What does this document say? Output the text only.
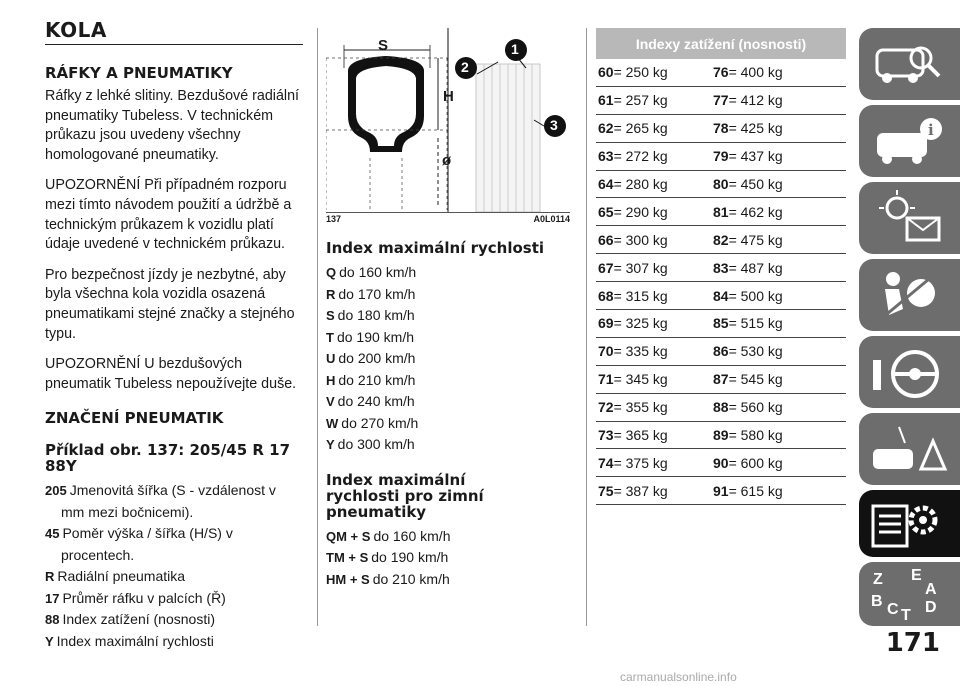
KOLA
RÁFKY A PNEUMATIKY

Ráfky z lehké slitiny. Bezdušové radiální pneumatiky Tubeless. V technickém průkazu jsou uvedeny všechny homologované pneumatiky.

UPOZORNĚNÍ Při případném rozporu mezi tímto návodem použití a údržbě a technickým průkazem k vozidlu platí údaje uvedené v technickém průkazu.

Pro bezpečnost jízdy je nezbytné, aby byla všechna kola vozidla osazená pneumatikami stejné značky a stejného typu.

UPOZORNĚNÍ U bezdušových pneumatik Tubeless nepoužívejte duše.

ZNAČENÍ PNEUMATIK
Příklad obr. 137: 205/45 R 17 88Y
205 Jmenovitá šířka (S - vzdálenost v mm mezi bočnicemi).
45 Poměr výška / šířka (H/S) v procentech.
R Radiální pneumatika
17 Průměr ráfku v palcích (Ř)
88 Index zatížení (nosnosti)
Y Index maximální rychlosti
S
H
ø
2
1
3
137	A0L0114
Index maximální rychlosti
Q do 160 km/h
R do 170 km/h
S do 180 km/h
T do 190 km/h
U do 200 km/h
H do 210 km/h
V do 240 km/h
W do 270 km/h
Y do 300 km/h
Index maximální rychlosti pro zimní pneumatiky
QM + S do 160 km/h
TM + S do 190 km/h
HM + S do 210 km/h
Indexy zatížení (nosnosti)	
60= 250 kg	76= 400 kg
61= 257 kg	77= 412 kg
62= 265 kg	78= 425 kg
63= 272 kg	79= 437 kg
64= 280 kg	80= 450 kg
65= 290 kg	81= 462 kg
66= 300 kg	82= 475 kg
67= 307 kg	83= 487 kg
68= 315 kg	84= 500 kg
69= 325 kg	85= 515 kg
70= 335 kg	86= 530 kg
71= 345 kg	87= 545 kg
72= 355 kg	88= 560 kg
73= 365 kg	89= 580 kg
74= 375 kg	90= 600 kg
75= 387 kg	91= 615 kg
i
Z E
A
B C T D
171
carmanualsonline.info
